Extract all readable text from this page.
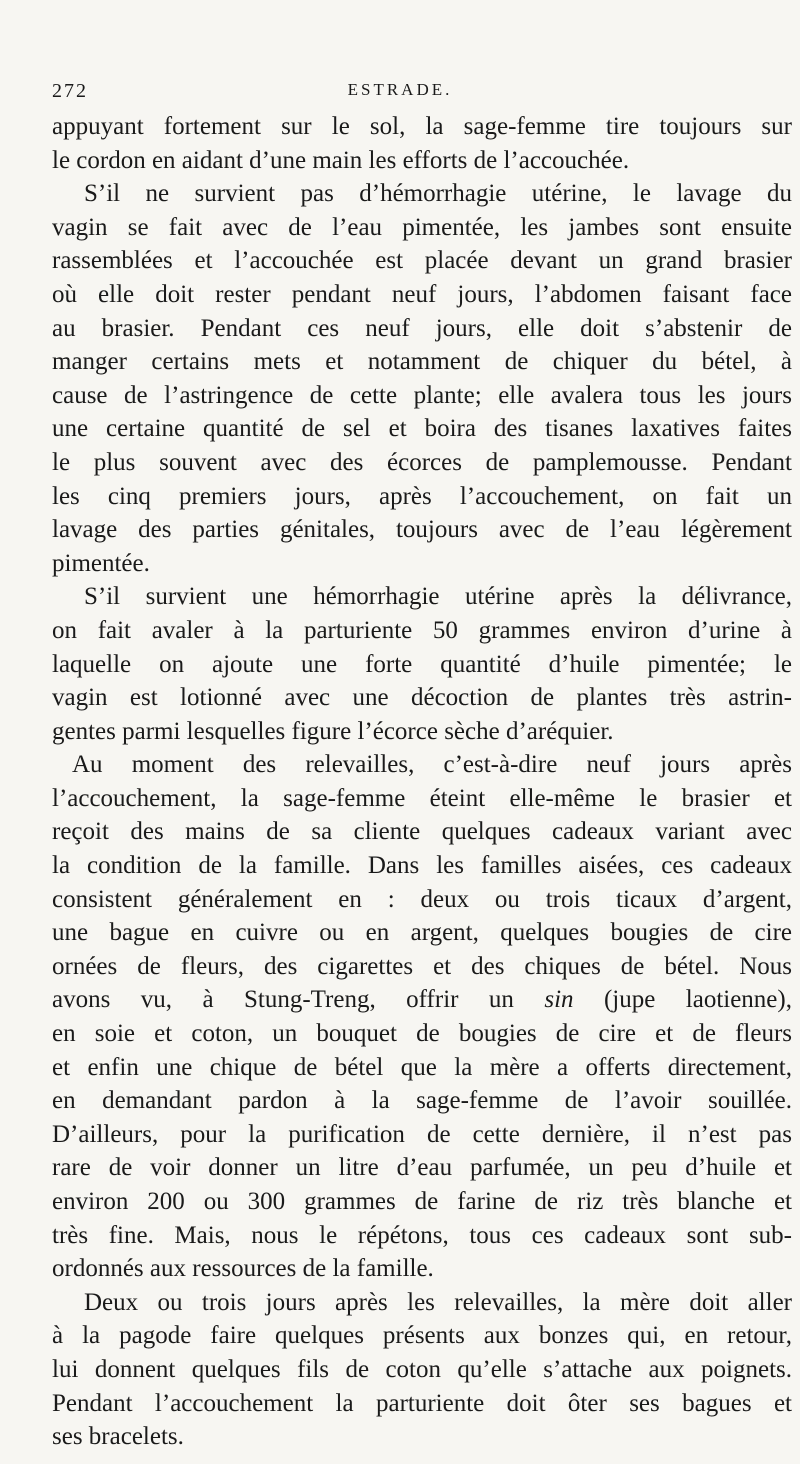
272	ESTRADE.
appuyant fortement sur le sol, la sage-femme tire toujours sur
le cordon en aidant d’une main les efforts de l’accouchée.
S’il ne survient pas d’hémorrhagie utérine, le lavage du
vagin se fait avec de l’eau pimentée, les jambes sont ensuite
rassemblées et l’accouchée est placée devant un grand brasier
où elle doit rester pendant neuf jours, l’abdomen faisant face
au brasier. Pendant ces neuf jours, elle doit s’abstenir de
manger certains mets et notamment de chiquer du bétel, à
cause de l’astringence de cette plante; elle avalera tous les jours
une certaine quantité de sel et boira des tisanes laxatives faites
le plus souvent avec des écorces de pamplemousse. Pendant
les cinq premiers jours, après l’accouchement, on fait un
lavage des parties génitales, toujours avec de l’eau légèrement
pimentée.
S’il survient une hémorrhagie utérine après la délivrance,
on fait avaler à la parturiente 50 grammes environ d’urine à
laquelle on ajoute une forte quantité d’huile pimentée; le
vagin est lotionné avec une décoction de plantes très astrin-
gentes parmi lesquelles figure l’écorce sèche d’aréquier.
Au moment des relevailles, c’est-à-dire neuf jours après
l’accouchement, la sage-femme éteint elle-même le brasier et
reçoit des mains de sa cliente quelques cadeaux variant avec
la condition de la famille. Dans les familles aisées, ces cadeaux
consistent généralement en : deux ou trois ticaux d’argent,
une bague en cuivre ou en argent, quelques bougies de cire
ornées de fleurs, des cigarettes et des chiques de bétel. Nous
avons vu, à Stung-Treng, offrir un sin (jupe laotienne),
en soie et coton, un bouquet de bougies de cire et de fleurs
et enfin une chique de bétel que la mère a offerts directement,
en demandant pardon à la sage-femme de l’avoir souillée.
D’ailleurs, pour la purification de cette dernière, il n’est pas
rare de voir donner un litre d’eau parfumée, un peu d’huile et
environ 200 ou 300 grammes de farine de riz très blanche et
très fine. Mais, nous le répétons, tous ces cadeaux sont sub-
ordonnés aux ressources de la famille.
Deux ou trois jours après les relevailles, la mère doit aller
à la pagode faire quelques présents aux bonzes qui, en retour,
lui donnent quelques fils de coton qu’elle s’attache aux poignets.
Pendant l’accouchement la parturiente doit ôter ses bagues et
ses bracelets.
